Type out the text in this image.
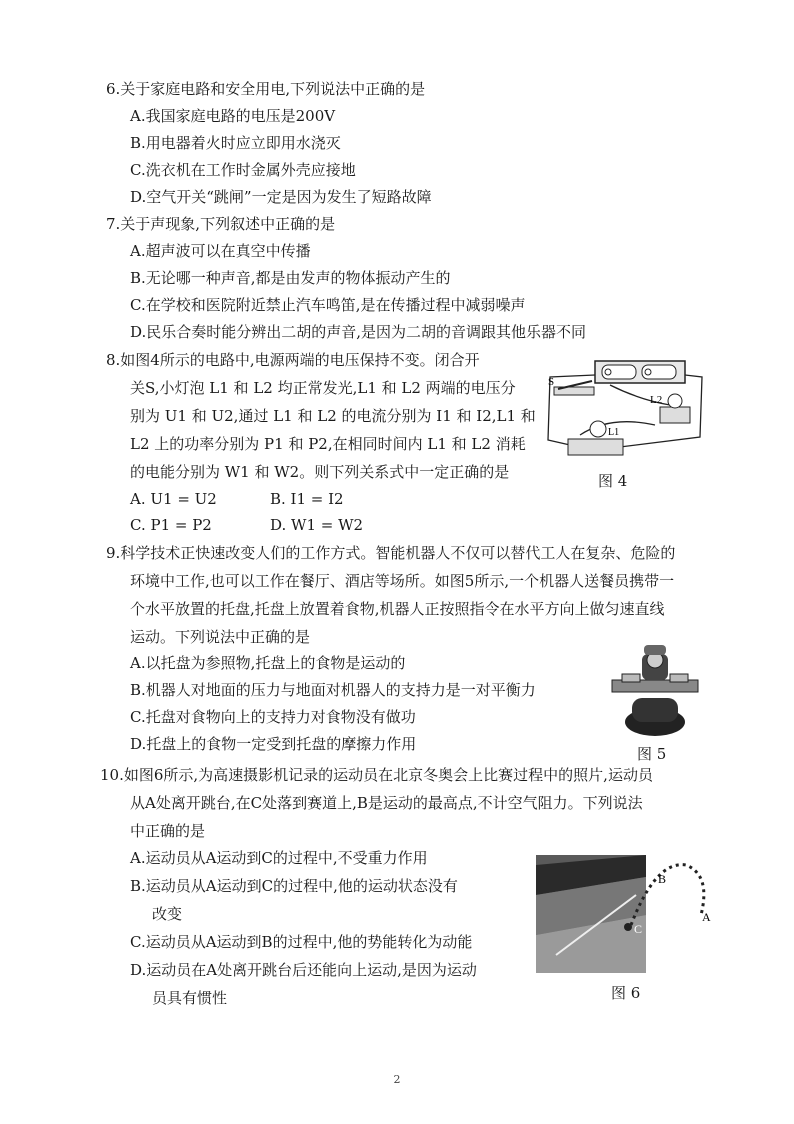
6.关于家庭电路和安全用电,下列说法中正确的是
A.我国家庭电路的电压是200V
B.用电器着火时应立即用水浇灭
C.洗衣机在工作时金属外壳应接地
D.空气开关“跳闸”一定是因为发生了短路故障
7.关于声现象,下列叙述中正确的是
A.超声波可以在真空中传播
B.无论哪一种声音,都是由发声的物体振动产生的
C.在学校和医院附近禁止汽车鸣笛,是在传播过程中减弱噪声
D.民乐合奏时能分辨出二胡的声音,是因为二胡的音调跟其他乐器不同
8.如图4所示的电路中,电源两端的电压保持不变。闭合开
关S,小灯泡 L1 和 L2 均正常发光,L1 和 L2 两端的电压分
别为 U1 和 U2,通过 L1 和 L2 的电流分别为 I1 和 I2,L1 和
L2 上的功率分别为 P1 和 P2,在相同时间内 L1 和 L2 消耗
的电能分别为 W1 和 W2。则下列关系式中一定正确的是
A. U1 = U2	B. I1 = I2
C. P1 = P2	D. W1 = W2
S
L2
L1
图 4
9.科学技术正快速改变人们的工作方式。智能机器人不仅可以替代工人在复杂、危险的
环境中工作,也可以工作在餐厅、酒店等场所。如图5所示,一个机器人送餐员携带一
个水平放置的托盘,托盘上放置着食物,机器人正按照指令在水平方向上做匀速直线
运动。下列说法中正确的是
A.以托盘为参照物,托盘上的食物是运动的
B.机器人对地面的压力与地面对机器人的支持力是一对平衡力
C.托盘对食物向上的支持力对食物没有做功
D.托盘上的食物一定受到托盘的摩擦力作用
图 5
10.如图6所示,为高速摄影机记录的运动员在北京冬奥会上比赛过程中的照片,运动员
从A处离开跳台,在C处落到赛道上,B是运动的最高点,不计空气阻力。下列说法
中正确的是
A.运动员从A运动到C的过程中,不受重力作用
B.运动员从A运动到C的过程中,他的运动状态没有
改变
C.运动员从A运动到B的过程中,他的势能转化为动能
D.运动员在A处离开跳台后还能向上运动,是因为运动
员具有惯性
A
B
C
图 6
2
